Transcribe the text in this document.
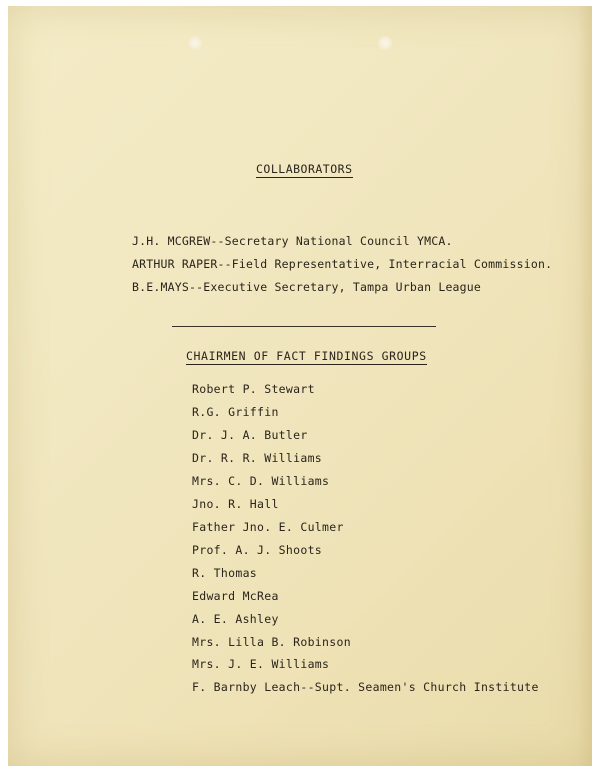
COLLABORATORS
J.H. MCGREW--Secretary National Council YMCA.
ARTHUR RAPER--Field Representative, Interracial Commission.
B.E.MAYS--Executive Secretary, Tampa Urban League
CHAIRMEN OF FACT FINDINGS GROUPS
Robert P. Stewart
R.G. Griffin
Dr. J. A. Butler
Dr. R. R. Williams
Mrs. C. D. Williams
Jno. R. Hall
Father Jno. E. Culmer
Prof. A. J. Shoots
R. Thomas
Edward McRea
A. E. Ashley
Mrs. Lilla B. Robinson
Mrs. J. E. Williams
F. Barnby Leach--Supt. Seamen's Church Institute
